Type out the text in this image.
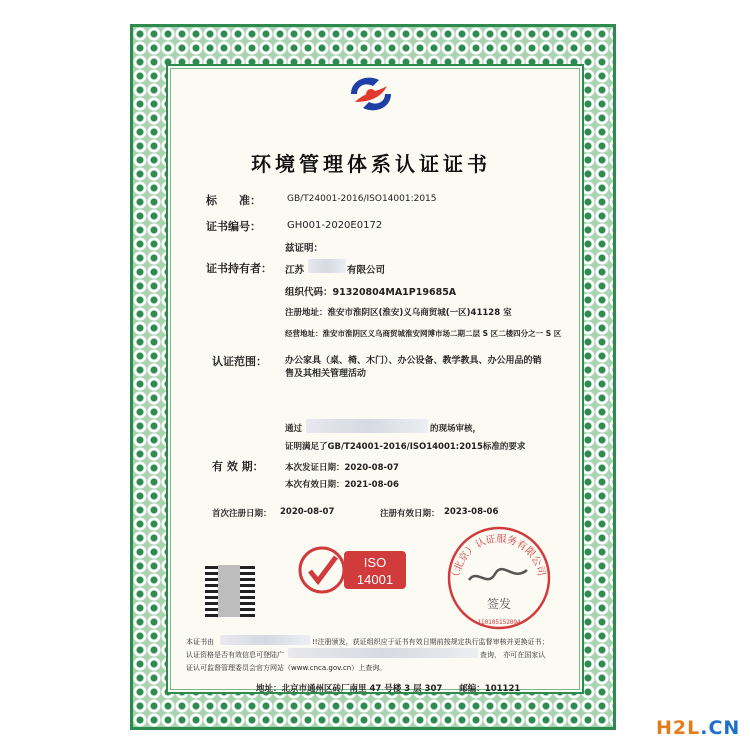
环境管理体系认证证书
标　　准：	GB/T24001-2016/ISO14001:2015
证书编号：	GH001-2020E0172
兹证明：
证书持有者： 江苏	有限公司
组织代码：91320804MA1P19685A
注册地址：淮安市淮阴区(淮安)义乌商贸城(一区)41128 室
经营地址：淮安市淮阴区义乌商贸城淮安网博市场二期二层 S 区二楼四分之一 S 区
认证范围： 办公家具（桌、椅、木门）、办公设备、教学教具、办公用品的销
售及其相关管理活动
通过	的现场审核，
证明满足了GB/T24001-2016/ISO14001:2015标准的要求
有 效 期：	本次发证日期：2020-08-07
本次有效日期：2021-08-06
首次注册日期： 2020-08-07	注册有效日期： 2023-08-06
ISO
14001	（北京）认证服务有限公司
签发
110105152094
本证书由	!!注册颁发，获证组织应于证书有效日期前按规定执行监督审核并更换证书；
认证资格是否有效信息可登陆广	查询， 亦可在国家认
证认可监督管理委员会官方网站（www.cnca.gov.cn）上查询。
地址：北京市通州区砖厂南里 47 号楼 3 层 307　　邮编：101121
H2L.CN
